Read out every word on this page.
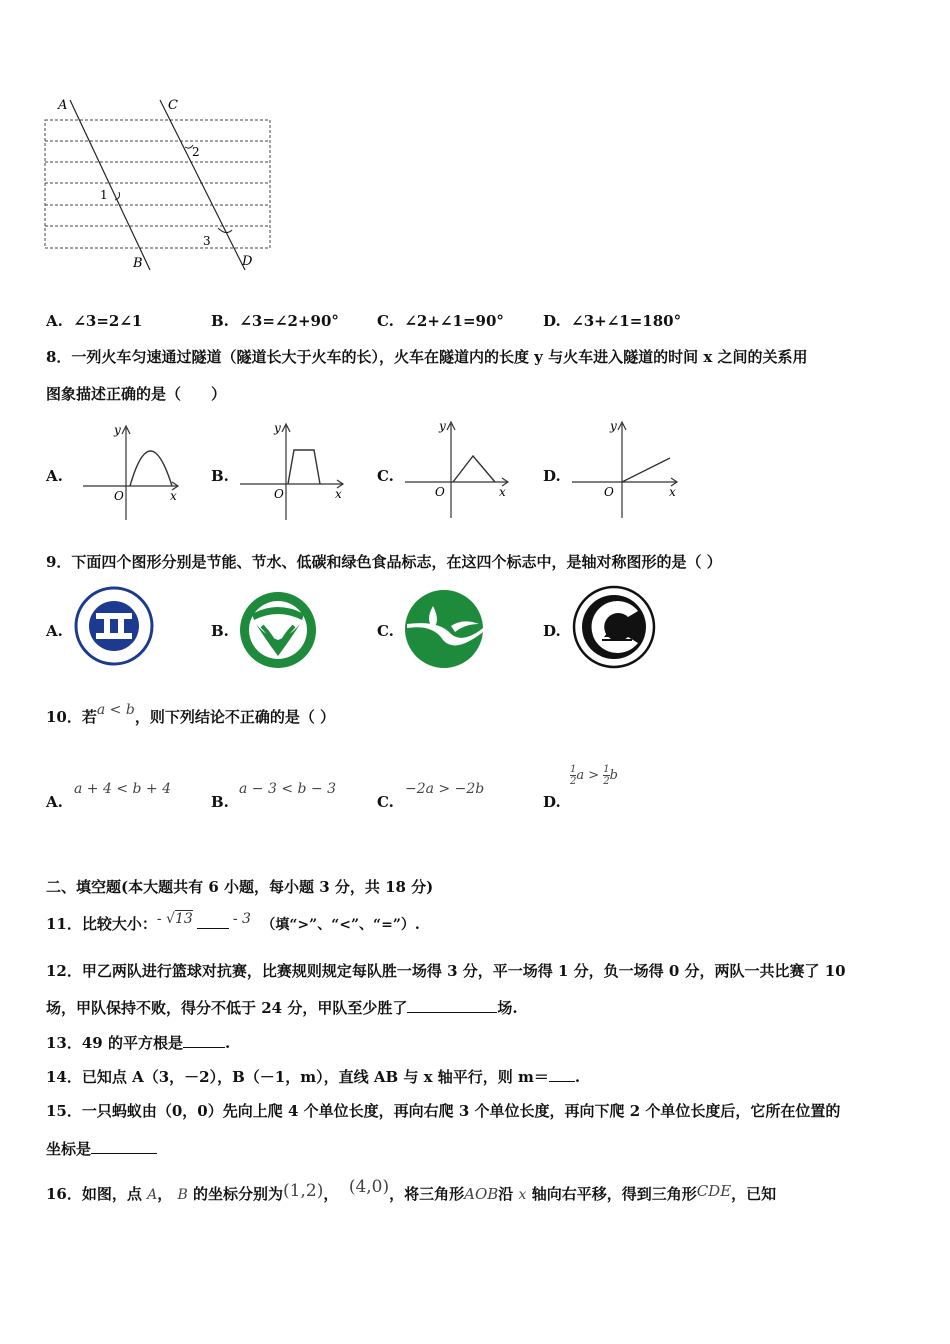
A	C
B	D
1
2
3
A. ∠3=2∠1	B. ∠3=∠2+90°	C. ∠2+∠1=90°	D. ∠3+∠1=180°
8．一列火车匀速通过隧道（隧道长大于火车的长），火车在隧道内的长度 y 与火车进入隧道的时间 x 之间的关系用
图象描述正确的是（　　）
A.
y
O	x
B.
y
O	x
C.
y
O	x
D.
y
O	x
9．下面四个图形分别是节能、节水、低碳和绿色食品标志，在这四个标志中，是轴对称图形的是（ ）
A.	B.	C.	D.
10．若a < b，则下列结论不正确的是（ ）
A.
a + 4 < b + 4
B.
a − 3 < b − 3
C.
−2a > −2b
D.
$\frac{1}{2}a > \frac{1}{2}b$
二、填空题(本大题共有 6 小题，每小题 3 分，共 18 分)
11．比较大小：- √13	- 3 （填“>”、“<”、“=”）.
12．甲乙两队进行篮球对抗赛，比赛规则规定每队胜一场得 3 分，平一场得 1 分，负一场得 0 分，两队一共比赛了 10
场，甲队保持不败，得分不低于 24 分，甲队至少胜了	场.
13．49 的平方根是	.
14．已知点 A（3，－2），B（－1，m），直线 AB 与 x 轴平行，则 m＝ .
15．一只蚂蚁由（0，0）先向上爬 4 个单位长度，再向右爬 3 个单位长度，再向下爬 2 个单位长度后，它所在位置的
坐标是
16．如图，点 A， B 的坐标分别为(1,2)， (4,0)，将三角形AOB沿 x 轴向右平移，得到三角形CDE，已知
